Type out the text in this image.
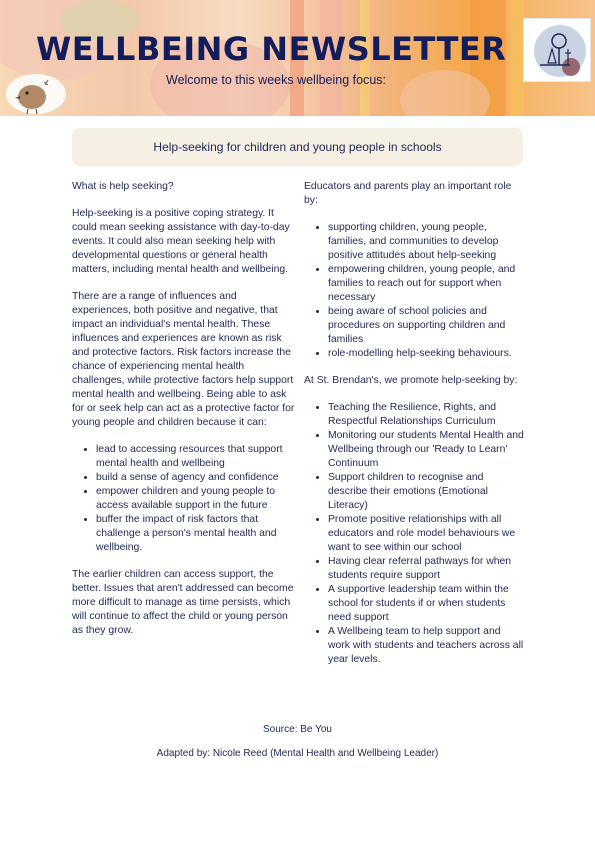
WELLBEING NEWSLETTER
Welcome to this weeks wellbeing focus:
Help-seeking for children and young people in schools

What is help seeking?

Help-seeking is a positive coping strategy. It could mean seeking assistance with day-to-day events. It could also mean seeking help with developmental questions or general health matters, including mental health and wellbeing.

There are a range of influences and experiences, both positive and negative, that impact an individual's mental health. These influences and experiences are known as risk and protective factors. Risk factors increase the chance of experiencing mental health challenges, while protective factors help support mental health and wellbeing. Being able to ask for or seek help can act as a protective factor for young people and children because it can:

• lead to accessing resources that support mental health and wellbeing
• build a sense of agency and confidence
• empower children and young people to access available support in the future
• buffer the impact of risk factors that challenge a person's mental health and wellbeing.

The earlier children can access support, the better. Issues that aren't addressed can become more difficult to manage as time persists, which will continue to affect the child or young person as they grow.

Educators and parents play an important role by:

• supporting children, young people, families, and communities to develop positive attitudes about help-seeking
• empowering children, young people, and families to reach out for support when necessary
• being aware of school policies and procedures on supporting children and families
• role-modelling help-seeking behaviours.

At St. Brendan's, we promote help-seeking by:

• Teaching the Resilience, Rights, and Respectful Relationships Curriculum
• Monitoring our students Mental Health and Wellbeing through our 'Ready to Learn' Continuum
• Support children to recognise and describe their emotions (Emotional Literacy)
• Promote positive relationships with all educators and role model behaviours we want to see within our school
• Having clear referral pathways for when students require support
• A supportive leadership team within the school for students if or when students need support
• A Wellbeing team to help support and work with students and teachers across all year levels.
Source: Be You
Adapted by: Nicole Reed (Mental Health and Wellbeing Leader)
